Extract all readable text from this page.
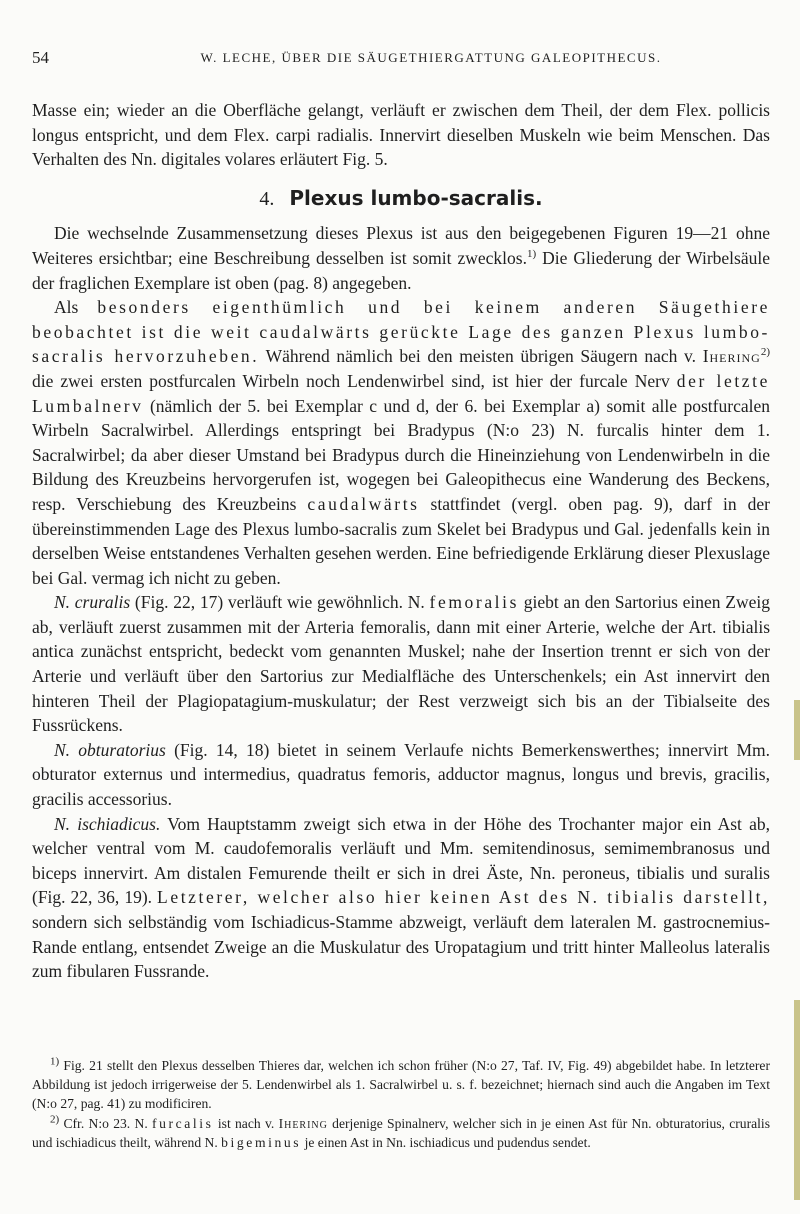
54	W. LECHE, ÜBER DIE SÄUGETHIERGATTUNG GALEOPITHECUS.

Masse ein; wieder an die Oberfläche gelangt, verläuft er zwischen dem Theil, der dem Flex. pollicis longus entspricht, und dem Flex. carpi radialis. Innervirt dieselben Muskeln wie beim Menschen. Das Verhalten des Nn. digitales volares erläutert Fig. 5.

4. Plexus lumbo-sacralis.

Die wechselnde Zusammensetzung dieses Plexus ist aus den beigegebenen Figuren 19—21 ohne Weiteres ersichtbar; eine Beschreibung desselben ist somit zwecklos.$^{1)}$ Die Gliederung der Wirbelsäule der fraglichen Exemplare ist oben (pag. 8) angegeben.

Als besonders eigenthümlich und bei keinem anderen Säugethiere beobachtet ist die weit caudalwärts gerückte Lage des ganzen Plexus lumbo-sacralis hervorzuheben. Während nämlich bei den meisten übrigen Säugern nach v. Ihering$^{2)}$ die zwei ersten postfurcalen Wirbeln noch Lendenwirbel sind, ist hier der furcale Nerv der letzte Lumbalnerv (nämlich der 5. bei Exemplar c und d, der 6. bei Exemplar a) somit alle postfurcalen Wirbeln Sacralwirbel. Allerdings entspringt bei Bradypus (N:o 23) N. furcalis hinter dem 1. Sacralwirbel; da aber dieser Umstand bei Bradypus durch die Hineinziehung von Lendenwirbeln in die Bildung des Kreuzbeins hervorgerufen ist, wogegen bei Galeopithecus eine Wanderung des Beckens, resp. Verschiebung des Kreuzbeins caudalwärts stattfindet (vergl. oben pag. 9), darf in der übereinstimmenden Lage des Plexus lumbo-sacralis zum Skelet bei Bradypus und Gal. jedenfalls kein in derselben Weise entstandenes Verhalten gesehen werden. Eine befriedigende Erklärung dieser Plexuslage bei Gal. vermag ich nicht zu geben.

N. cruralis (Fig. 22, 17) verläuft wie gewöhnlich. N. femoralis giebt an den Sartorius einen Zweig ab, verläuft zuerst zusammen mit der Arteria femoralis, dann mit einer Arterie, welche der Art. tibialis antica zunächst entspricht, bedeckt vom genannten Muskel; nahe der Insertion trennt er sich von der Arterie und verläuft über den Sartorius zur Medialfläche des Unterschenkels; ein Ast innervirt den hinteren Theil der Plagiopatagium-muskulatur; der Rest verzweigt sich bis an der Tibialseite des Fussrückens.

N. obturatorius (Fig. 14, 18) bietet in seinem Verlaufe nichts Bemerkenswerthes; innervirt Mm. obturator externus und intermedius, quadratus femoris, adductor magnus, longus und brevis, gracilis, gracilis accessorius.

N. ischiadicus. Vom Hauptstamm zweigt sich etwa in der Höhe des Trochanter major ein Ast ab, welcher ventral vom M. caudofemoralis verläuft und Mm. semitendinosus, semimembranosus und biceps innervirt. Am distalen Femurende theilt er sich in drei Äste, Nn. peroneus, tibialis und suralis (Fig. 22, 36, 19). Letzterer, welcher also hier keinen Ast des N. tibialis darstellt, sondern sich selbständig vom Ischiadicus-Stamme abzweigt, verläuft dem lateralen M. gastrocnemius-Rande entlang, entsendet Zweige an die Muskulatur des Uropatagium und tritt hinter Malleolus lateralis zum fibularen Fussrande.

$^{1)}$ Fig. 21 stellt den Plexus desselben Thieres dar, welchen ich schon früher (N:o 27, Taf. IV, Fig. 49) abgebildet habe. In letzterer Abbildung ist jedoch irrigerweise der 5. Lendenwirbel als 1. Sacralwirbel u. s. f. bezeichnet; hiernach sind auch die Angaben im Text (N:o 27, pag. 41) zu modificiren.

$^{2)}$ Cfr. N:o 23. N. furcalis ist nach v. Ihering derjenige Spinalnerv, welcher sich in je einen Ast für Nn. obturatorius, cruralis und ischiadicus theilt, während N. bigeminus je einen Ast in Nn. ischiadicus und pudendus sendet.
